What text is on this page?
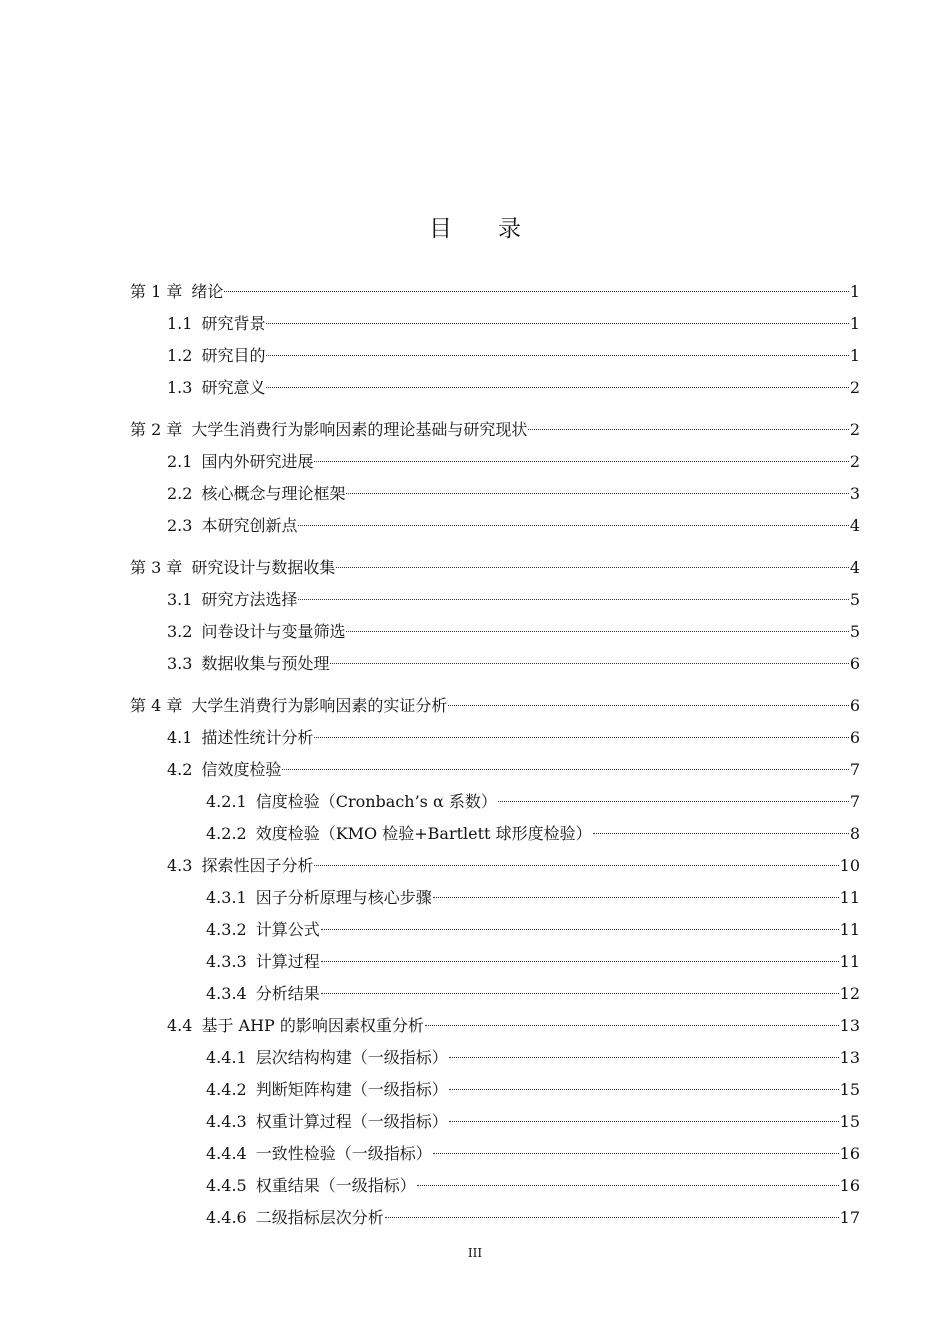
目 录
第 1 章 绪论	1
1.1 研究背景	1
1.2 研究目的	1
1.3 研究意义	2
第 2 章 大学生消费行为影响因素的理论基础与研究现状	2
2.1 国内外研究进展	2
2.2 核心概念与理论框架	3
2.3 本研究创新点	4
第 3 章 研究设计与数据收集	4
3.1 研究方法选择	5
3.2 问卷设计与变量筛选	5
3.3 数据收集与预处理	6
第 4 章 大学生消费行为影响因素的实证分析	6
4.1 描述性统计分析	6
4.2 信效度检验	7
4.2.1 信度检验（Cronbach’s α 系数）	7
4.2.2 效度检验（KMO 检验+Bartlett 球形度检验）	8
4.3 探索性因子分析	10
4.3.1 因子分析原理与核心步骤	11
4.3.2 计算公式	11
4.3.3 计算过程	11
4.3.4 分析结果	12
4.4 基于 AHP 的影响因素权重分析	13
4.4.1 层次结构构建（一级指标）	13
4.4.2 判断矩阵构建（一级指标）	15
4.4.3 权重计算过程（一级指标）	15
4.4.4 一致性检验（一级指标）	16
4.4.5 权重结果（一级指标）	16
4.4.6 二级指标层次分析	17
III
